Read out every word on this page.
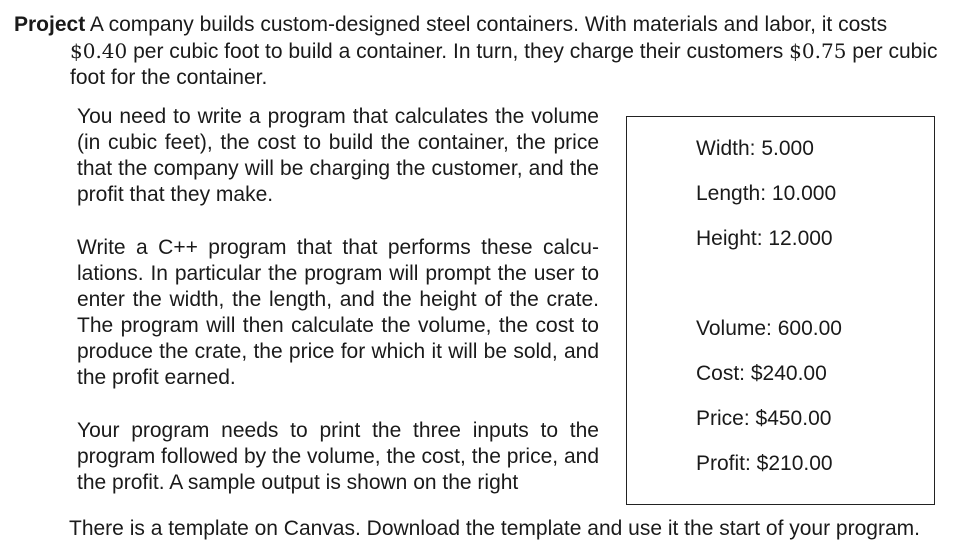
Project A company builds custom-designed steel containers. With materials and labor, it costs
$0.40 per cubic foot to build a container. In turn, they charge their customers $0.75 per cubic
foot for the container.

You need to write a program that calculates the volume (in cubic feet), the cost to build the container, the price that the company will be charging the customer, and the profit that they make.

Write a C++ program that that performs these calculations. In particular the program will prompt the user to enter the width, the length, and the height of the crate. The program will then calculate the volume, the cost to produce the crate, the price for which it will be sold, and the profit earned.

Your program needs to print the three inputs to the program followed by the volume, the cost, the price, and the profit. A sample output is shown on the right

Width: 5.000
Length: 10.000
Height: 12.000
Volume: 600.00
Cost: $240.00
Price: $450.00
Profit: $210.00
There is a template on Canvas. Download the template and use it the start of your program.
